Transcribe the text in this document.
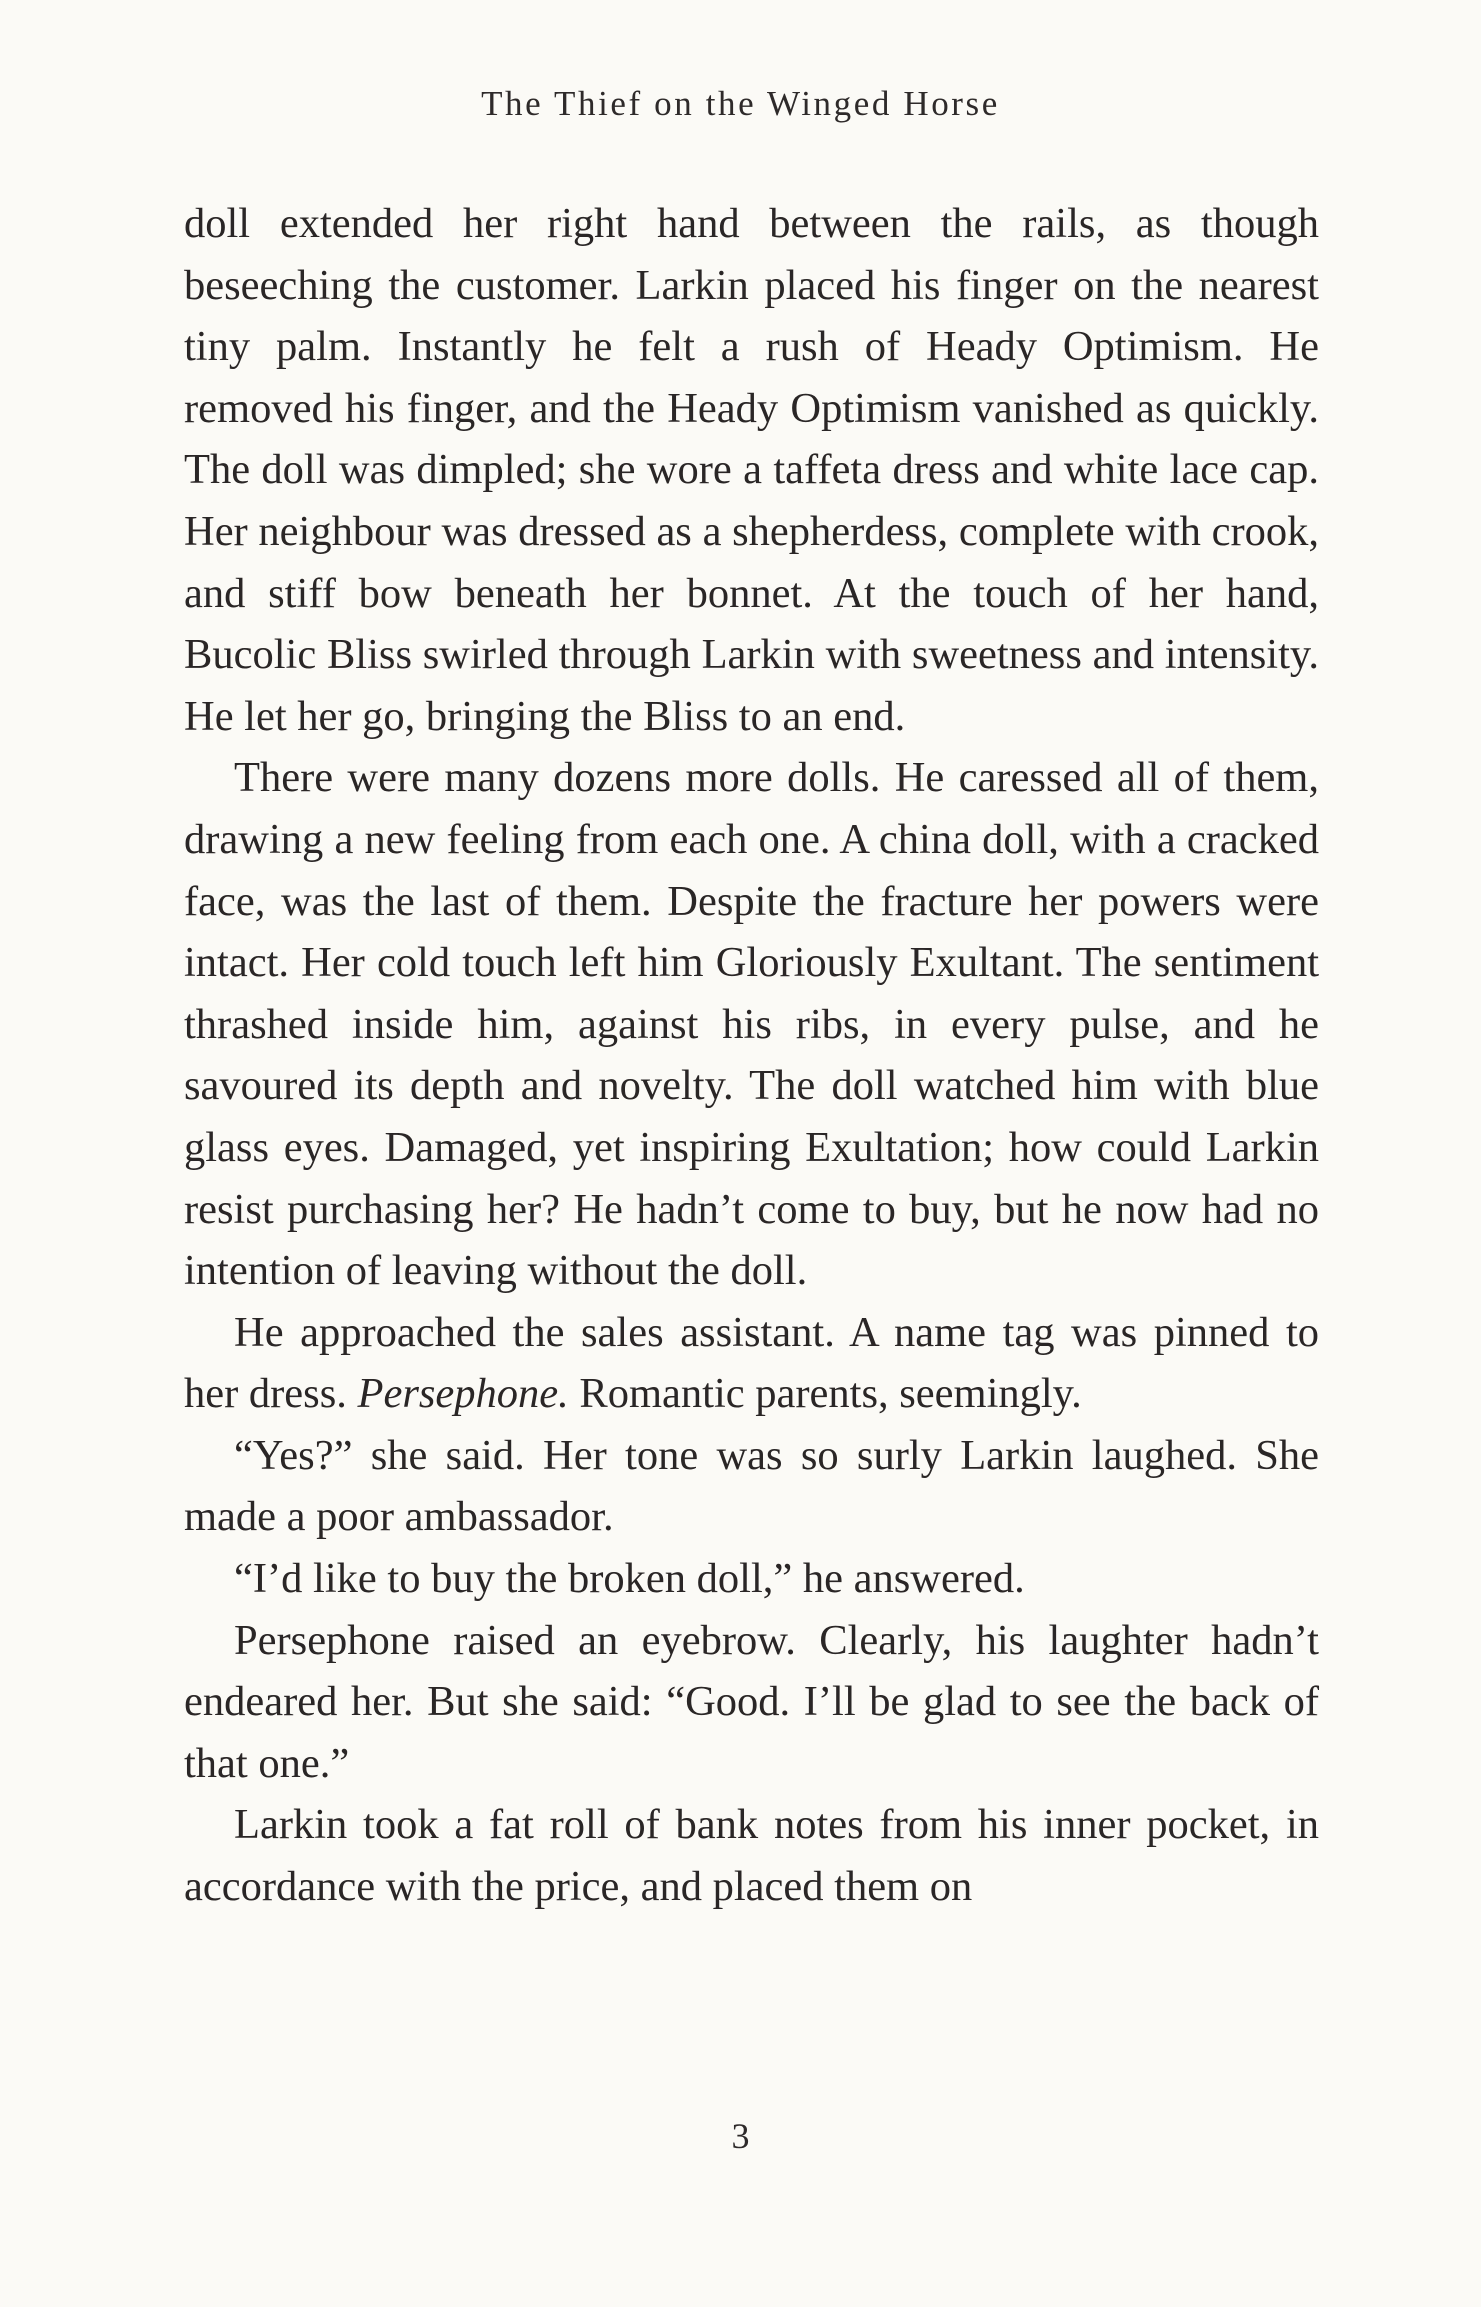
The Thief on the Winged Horse

doll extended her right hand between the rails, as though beseeching the customer. Larkin placed his finger on the nearest tiny palm. Instantly he felt a rush of Heady Optimism. He removed his finger, and the Heady Optimism vanished as quickly. The doll was dimpled; she wore a taffeta dress and white lace cap. Her neighbour was dressed as a shepherdess, complete with crook, and stiff bow beneath her bonnet. At the touch of her hand, Bucolic Bliss swirled through Larkin with sweetness and intensity. He let her go, bringing the Bliss to an end.

There were many dozens more dolls. He caressed all of them, drawing a new feeling from each one. A china doll, with a cracked face, was the last of them. Despite the fracture her powers were intact. Her cold touch left him Gloriously Exultant. The sentiment thrashed inside him, against his ribs, in every pulse, and he savoured its depth and novelty. The doll watched him with blue glass eyes. Damaged, yet inspiring Exultation; how could Larkin resist purchasing her? He hadn’t come to buy, but he now had no intention of leaving without the doll.

He approached the sales assistant. A name tag was pinned to her dress. Persephone. Romantic parents, seemingly.

“Yes?” she said. Her tone was so surly Larkin laughed. She made a poor ambassador.

“I’d like to buy the broken doll,” he answered.

Persephone raised an eyebrow. Clearly, his laughter hadn’t endeared her. But she said: “Good. I’ll be glad to see the back of that one.”

Larkin took a fat roll of bank notes from his inner pocket, in accordance with the price, and placed them on

3
